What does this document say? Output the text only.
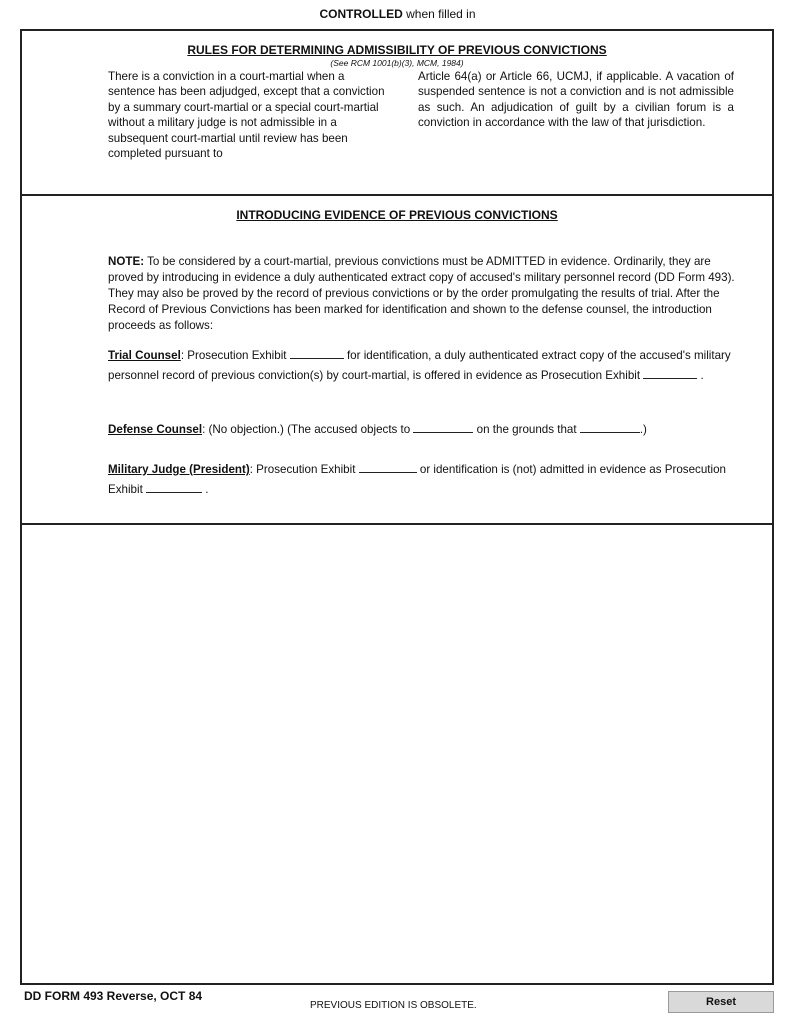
CONTROLLED when filled in
RULES FOR DETERMINING ADMISSIBILITY OF PREVIOUS CONVICTIONS
(See RCM 1001(b)(3), MCM, 1984)
There is a conviction in a court-martial when a sentence has been adjudged, except that a conviction by a summary court-martial or a special court-martial without a military judge is not admissible in a subsequent court-martial until review has been completed pursuant to
Article 64(a) or Article 66, UCMJ, if applicable. A vacation of suspended sentence is not a conviction and is not admissible as such. An adjudication of guilt by a civilian forum is a conviction in accordance with the law of that jurisdiction.
INTRODUCING EVIDENCE OF PREVIOUS CONVICTIONS
NOTE: To be considered by a court-martial, previous convictions must be ADMITTED in evidence. Ordinarily, they are proved by introducing in evidence a duly authenticated extract copy of accused's military personnel record (DD Form 493). They may also be proved by the record of previous convictions or by the order promulgating the results of trial. After the Record of Previous Convictions has been marked for identification and shown to the defense counsel, the introduction proceeds as follows:
Trial Counsel: Prosecution Exhibit	for identification, a duly authenticated extract copy of the accused's military personnel record of previous conviction(s) by court-martial, is offered in evidence as Prosecution Exhibit	.
Defense Counsel: (No objection.) (The accused objects to	on the grounds that	.)
Military Judge (President): Prosecution Exhibit	or identification is (not) admitted in evidence as Prosecution Exhibit	.
DD FORM 493 Reverse, OCT 84
PREVIOUS EDITION IS OBSOLETE.	Reset
